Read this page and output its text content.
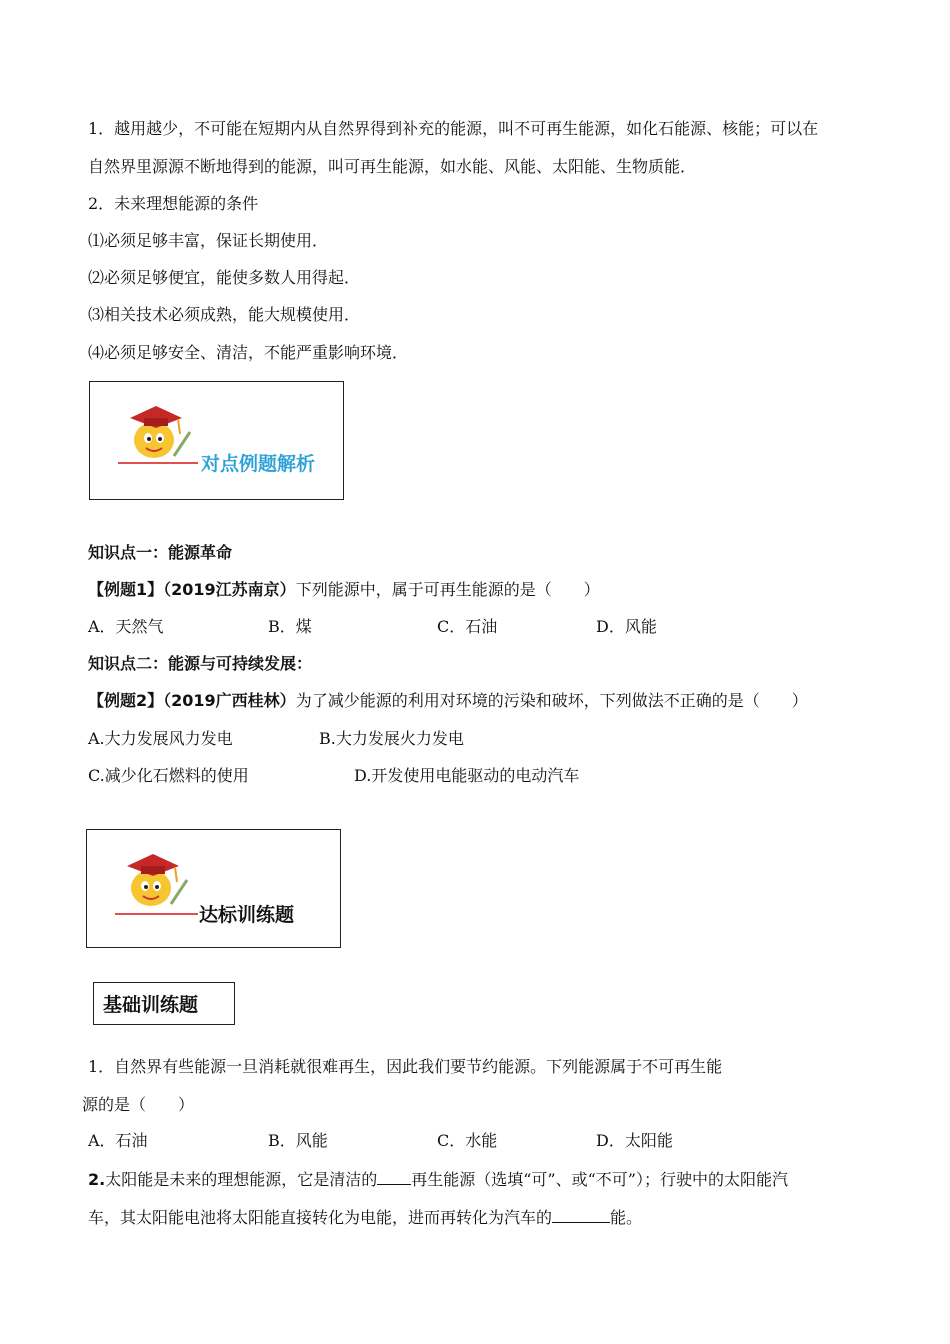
1．越用越少，不可能在短期内从自然界得到补充的能源，叫不可再生能源，如化石能源、核能；可以在
自然界里源源不断地得到的能源，叫可再生能源，如水能、风能、太阳能、生物质能．
2．未来理想能源的条件
⑴必须足够丰富，保证长期使用．
⑵必须足够便宜，能使多数人用得起．
⑶相关技术必须成熟，能大规模使用．
⑷必须足够安全、清洁，不能严重影响环境．
对点例题解析
知识点一：能源革命
【例题1】（2019江苏南京）下列能源中，属于可再生能源的是（　　）
A．天然气	B．煤	C．石油	D．风能
知识点二：能源与可持续发展：
【例题2】（2019广西桂林）为了减少能源的利用对环境的污染和破坏，下列做法不正确的是（　　）
A.大力发展风力发电	B.大力发展火力发电
C.减少化石燃料的使用	D.开发使用电能驱动的电动汽车
达标训练题
基础训练题
1．自然界有些能源一旦消耗就很难再生，因此我们要节约能源。下列能源属于不可再生能
源的是（　　）
A．石油	B．风能	C．水能	D．太阳能
2.太阳能是未来的理想能源，它是清洁的 再生能源（选填“可”、或“不可”）；行驶中的太阳能汽
车，其太阳能电池将太阳能直接转化为电能，进而再转化为汽车的	能。
